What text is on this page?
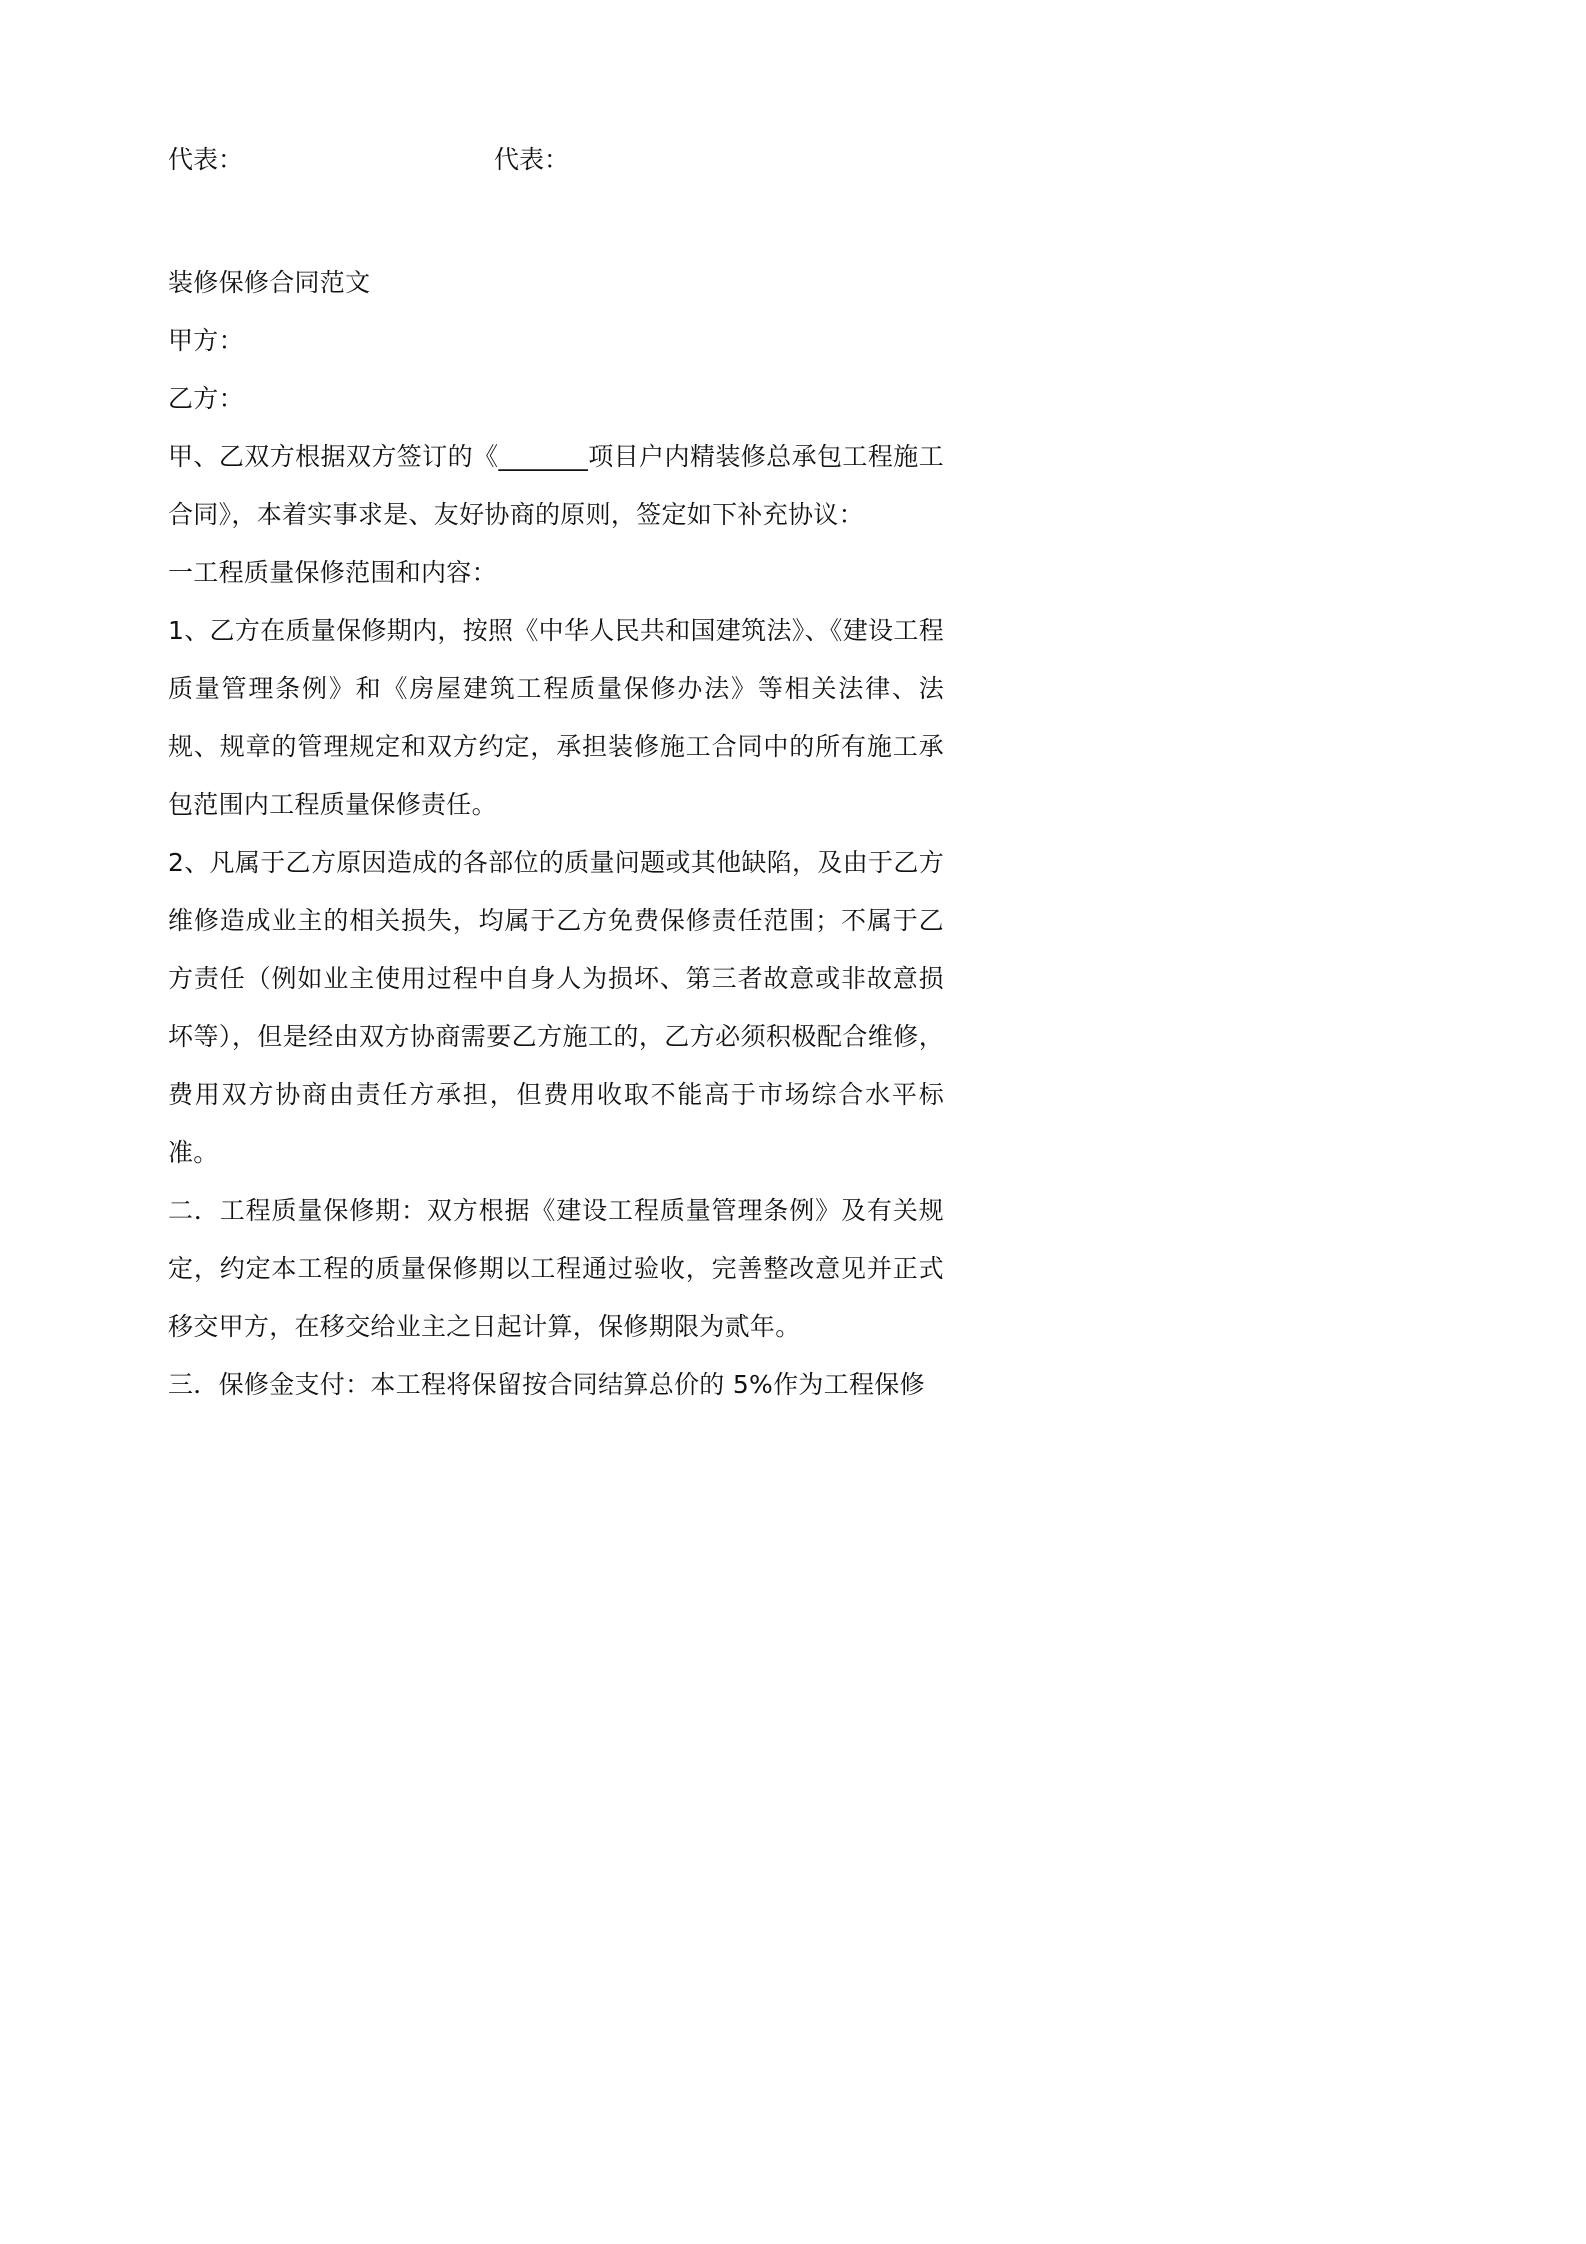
代表：	代表：

装修保修合同范文

甲方：

乙方：

甲、乙双方根据双方签订的《_______项目户内精装修总承包工程施工合同》，本着实事求是、友好协商的原则，签定如下补充协议：

一工程质量保修范围和内容：

1、乙方在质量保修期内，按照《中华人民共和国建筑法》、《建设工程质量管理条例》和《房屋建筑工程质量保修办法》等相关法律、法规、规章的管理规定和双方约定，承担装修施工合同中的所有施工承包范围内工程质量保修责任。

2、凡属于乙方原因造成的各部位的质量问题或其他缺陷，及由于乙方维修造成业主的相关损失，均属于乙方免费保修责任范围；不属于乙方责任（例如业主使用过程中自身人为损坏、第三者故意或非故意损坏等），但是经由双方协商需要乙方施工的，乙方必须积极配合维修，费用双方协商由责任方承担，但费用收取不能高于市场综合水平标准。

二．工程质量保修期：双方根据《建设工程质量管理条例》及有关规定，约定本工程的质量保修期以工程通过验收，完善整改意见并正式移交甲方，在移交给业主之日起计算，保修期限为贰年。

三．保修金支付：本工程将保留按合同结算总价的 5%作为工程保修
